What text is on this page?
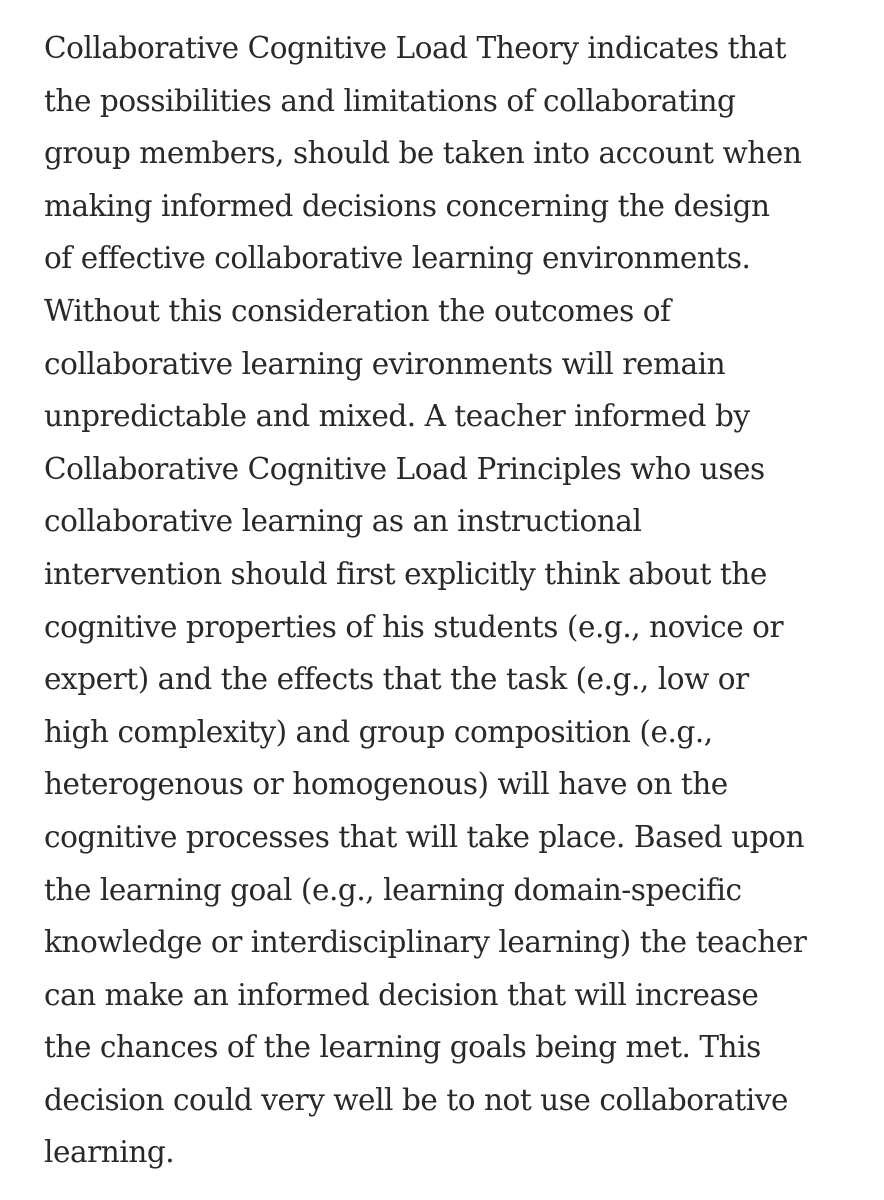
Collaborative Cognitive Load Theory indicates that
the possibilities and limitations of collaborating
group members, should be taken into account when
making informed decisions concerning the design
of effective collaborative learning environments.
Without this consideration the outcomes of
collaborative learning evironments will remain
unpredictable and mixed. A teacher informed by
Collaborative Cognitive Load Principles who uses
collaborative learning as an instructional
intervention should first explicitly think about the
cognitive properties of his students (e.g., novice or
expert) and the effects that the task (e.g., low or
high complexity) and group composition (e.g.,
heterogenous or homogenous) will have on the
cognitive processes that will take place. Based upon
the learning goal (e.g., learning domain-specific
knowledge or interdisciplinary learning) the teacher
can make an informed decision that will increase
the chances of the learning goals being met. This
decision could very well be to not use collaborative
learning.
